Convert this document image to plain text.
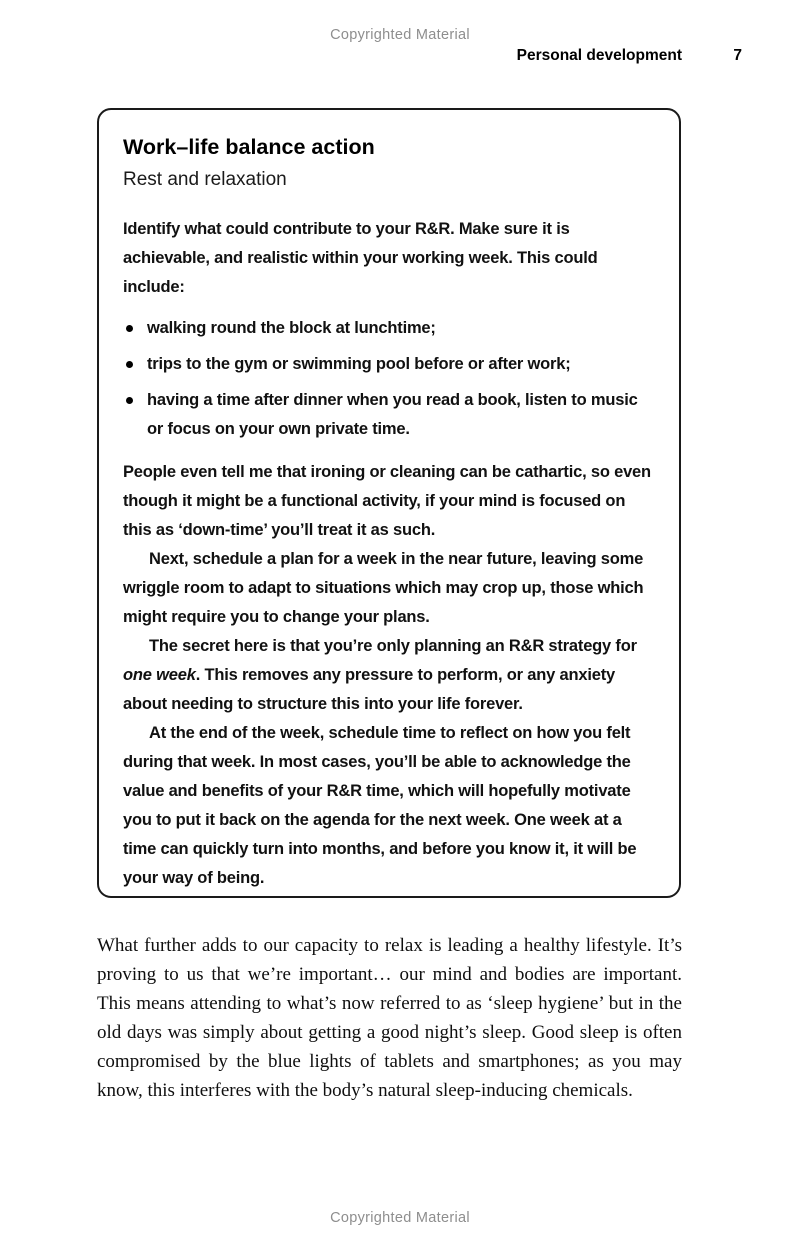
Copyrighted Material
Personal development	7
Work–life balance action
Rest and relaxation

Identify what could contribute to your R&R. Make sure it is achievable, and realistic within your working week. This could include:

walking round the block at lunchtime;
trips to the gym or swimming pool before or after work;
having a time after dinner when you read a book, listen to music or focus on your own private time.

People even tell me that ironing or cleaning can be cathartic, so even though it might be a functional activity, if your mind is focused on this as ‘down-time’ you’ll treat it as such.

Next, schedule a plan for a week in the near future, leaving some wriggle room to adapt to situations which may crop up, those which might require you to change your plans.

The secret here is that you’re only planning an R&R strategy for one week. This removes any pressure to perform, or any anxiety about needing to structure this into your life forever.

At the end of the week, schedule time to reflect on how you felt during that week. In most cases, you’ll be able to acknowledge the value and benefits of your R&R time, which will hopefully motivate you to put it back on the agenda for the next week. One week at a time can quickly turn into months, and before you know it, it will be your way of being.

What further adds to our capacity to relax is leading a healthy lifestyle. It’s proving to us that we’re important… our mind and bodies are important. This means attending to what’s now referred to as ‘sleep hygiene’ but in the old days was simply about getting a good night’s sleep. Good sleep is often compromised by the blue lights of tablets and smartphones; as you may know, this interferes with the body’s natural sleep-inducing chemicals.

Copyrighted Material
